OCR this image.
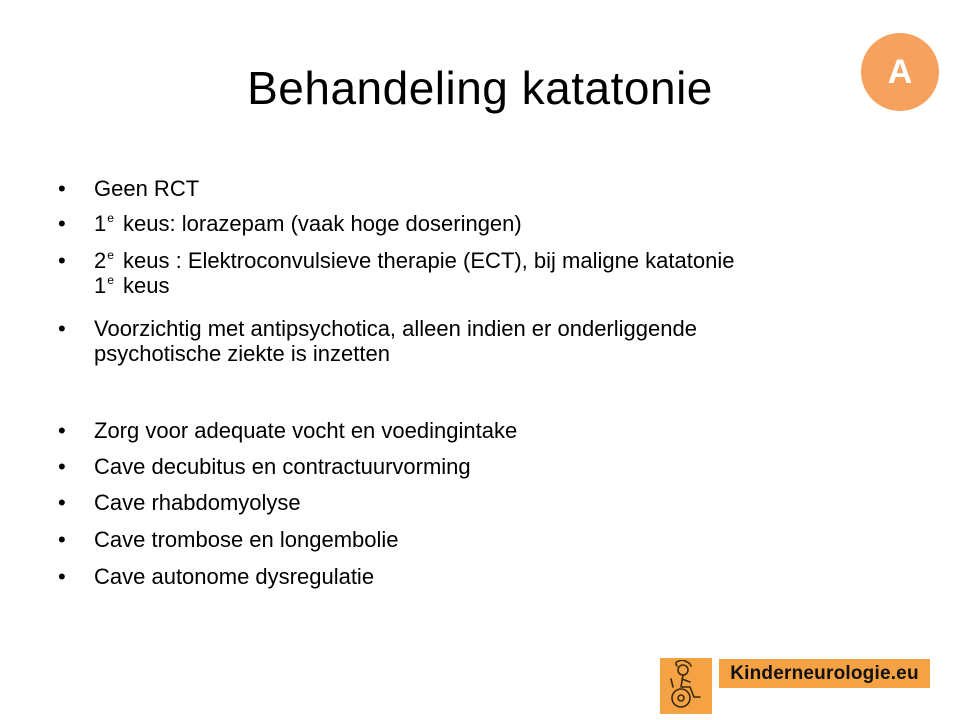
Behandeling katatonie	A
• Geen RCT
• 1e keus: lorazepam (vaak hoge doseringen)
• 2e keus : Elektroconvulsieve therapie (ECT), bij maligne katatonie
1e keus
• Voorzichtig met antipsychotica, alleen indien er onderliggende
psychotische ziekte is inzetten
• Zorg voor adequate vocht en voedingintake
• Cave decubitus en contractuurvorming
• Cave rhabdomyolyse
• Cave trombose en longembolie
• Cave autonome dysregulatie
Kinderneurologie.eu
